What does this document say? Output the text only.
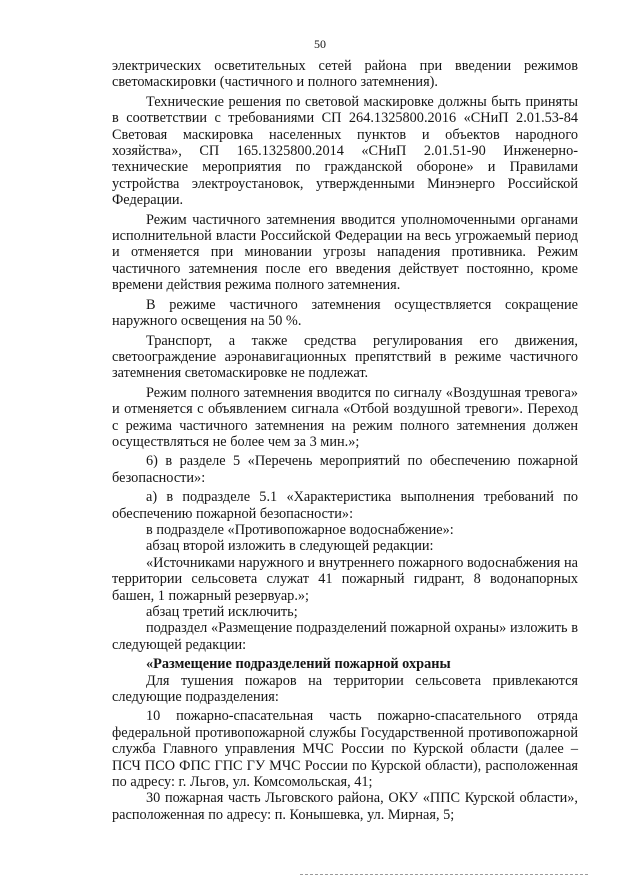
50

электрических осветительных сетей района при введении режимов светомаскировки (частичного и полного затемнения).

Технические решения по световой маскировке должны быть приняты в соответствии с требованиями СП 264.1325800.2016 «СНиП 2.01.53-84 Световая маскировка населенных пунктов и объектов народного хозяйства», СП 165.1325800.2014 «СНиП 2.01.51-90 Инженерно-технические мероприятия по гражданской обороне» и Правилами устройства электроустановок, утвержденными Минэнерго Российской Федерации.

Режим частичного затемнения вводится уполномоченными органами исполнительной власти Российской Федерации на весь угрожаемый период и отменяется при миновании угрозы нападения противника. Режим частичного затемнения после его введения действует постоянно, кроме времени действия режима полного затемнения.

В режиме частичного затемнения осуществляется сокращение наружного освещения на 50 %.

Транспорт, а также средства регулирования его движения, светоограждение аэронавигационных препятствий в режиме частичного затемнения светомаскировке не подлежат.

Режим полного затемнения вводится по сигналу «Воздушная тревога» и отменяется с объявлением сигнала «Отбой воздушной тревоги». Переход с режима частичного затемнения на режим полного затемнения должен осуществляться не более чем за 3 мин.»;

6) в разделе 5 «Перечень мероприятий по обеспечению пожарной безопасности»:

а) в подразделе 5.1 «Характеристика выполнения требований по обеспечению пожарной безопасности»:

в подразделе «Противопожарное водоснабжение»:

абзац второй изложить в следующей редакции:

«Источниками наружного и внутреннего пожарного водоснабжения на территории сельсовета служат 41 пожарный гидрант, 8 водонапорных башен, 1 пожарный резервуар.»;

абзац третий исключить;

подраздел «Размещение подразделений пожарной охраны» изложить в следующей редакции:

«Размещение подразделений пожарной охраны

Для тушения пожаров на территории сельсовета привлекаются следующие подразделения:

10 пожарно-спасательная часть пожарно-спасательного отряда федеральной противопожарной службы Государственной противопожарной служба Главного управления МЧС России по Курской области (далее – ПСЧ ПСО ФПС ГПС ГУ МЧС России по Курской области), расположенная по адресу: г. Льгов, ул. Комсомольская, 41;

30 пожарная часть Льговского района, ОКУ «ППС Курской области», расположенная по адресу: п. Конышевка, ул. Мирная, 5;
